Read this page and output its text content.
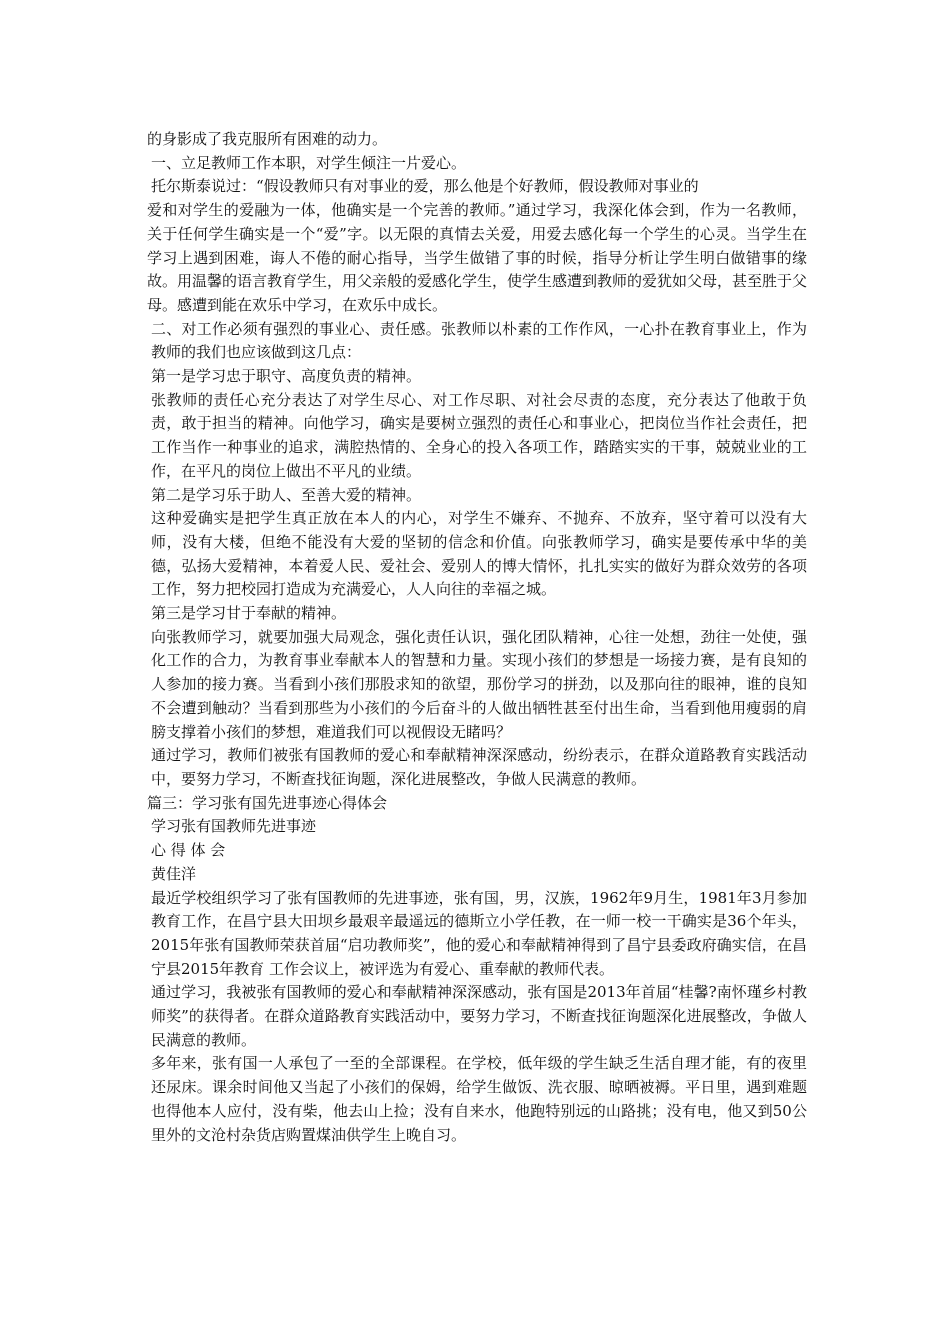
的身影成了我克服所有困难的动力。

一、立足教师工作本职，对学生倾注一片爱心。

托尔斯泰说过：“假设教师只有对事业的爱，那么他是个好教师，假设教师对事业的

爱和对学生的爱融为一体，他确实是一个完善的教师。”通过学习，我深化体会到，作为一名教师，关于任何学生确实是一个“爱”字。以无限的真情去关爱，用爱去感化每一个学生的心灵。当学生在学习上遇到困难，诲人不倦的耐心指导，当学生做错了事的时候，指导分析让学生明白做错事的缘故。用温馨的语言教育学生，用父亲般的爱感化学生，使学生感遭到教师的爱犹如父母，甚至胜于父母。感遭到能在欢乐中学习，在欢乐中成长。

二、对工作必须有强烈的事业心、责任感。张教师以朴素的工作作风，一心扑在教育事业上，作为教师的我们也应该做到这几点：

第一是学习忠于职守、高度负责的精神。

张教师的责任心充分表达了对学生尽心、对工作尽职、对社会尽责的态度，充分表达了他敢于负责，敢于担当的精神。向他学习，确实是要树立强烈的责任心和事业心，把岗位当作社会责任，把工作当作一种事业的追求，满腔热情的、全身心的投入各项工作，踏踏实实的干事，兢兢业业的工作，在平凡的岗位上做出不平凡的业绩。

第二是学习乐于助人、至善大爱的精神。

这种爱确实是把学生真正放在本人的内心，对学生不嫌弃、不抛弃、不放弃，坚守着可以没有大师，没有大楼，但绝不能没有大爱的坚韧的信念和价值。向张教师学习，确实是要传承中华的美德，弘扬大爱精神，本着爱人民、爱社会、爱别人的博大情怀，扎扎实实的做好为群众效劳的各项工作，努力把校园打造成为充满爱心，人人向往的幸福之城。

第三是学习甘于奉献的精神。

向张教师学习，就要加强大局观念，强化责任认识，强化团队精神，心往一处想，劲往一处使，强化工作的合力，为教育事业奉献本人的智慧和力量。实现小孩们的梦想是一场接力赛，是有良知的人参加的接力赛。当看到小孩们那股求知的欲望，那份学习的拼劲，以及那向往的眼神，谁的良知不会遭到触动？当看到那些为小孩们的今后奋斗的人做出牺牲甚至付出生命，当看到他用瘦弱的肩膀支撑着小孩们的梦想，难道我们可以视假设无睹吗？

通过学习，教师们被张有国教师的爱心和奉献精神深深感动，纷纷表示，在群众道路教育实践活动中，要努力学习，不断查找征询题，深化进展整改，争做人民满意的教师。

篇三：学习张有国先进事迹心得体会

学习张有国教师先进事迹

心 得 体 会

黄佳洋

最近学校组织学习了张有国教师的先进事迹，张有国，男，汉族，1962年9月生，1981年3月参加教育工作，在昌宁县大田坝乡最艰辛最遥远的德斯立小学任教，在一师一校一干确实是36个年头，2015年张有国教师荣获首届“启功教师奖”，他的爱心和奉献精神得到了昌宁县委政府确实信，在昌宁县2015年教育 工作会议上，被评选为有爱心、重奉献的教师代表。

通过学习，我被张有国教师的爱心和奉献精神深深感动，张有国是2013年首届“桂馨?南怀瑾乡村教师奖”的获得者。在群众道路教育实践活动中，要努力学习，不断查找征询题深化进展整改，争做人民满意的教师。

多年来，张有国一人承包了一至的全部课程。在学校，低年级的学生缺乏生活自理才能，有的夜里还尿床。课余时间他又当起了小孩们的保姆，给学生做饭、洗衣服、晾晒被褥。平日里，遇到难题也得他本人应付，没有柴，他去山上捡；没有自来水，他跑特别远的山路挑；没有电，他又到50公里外的文沧村杂货店购置煤油供学生上晚自习。
